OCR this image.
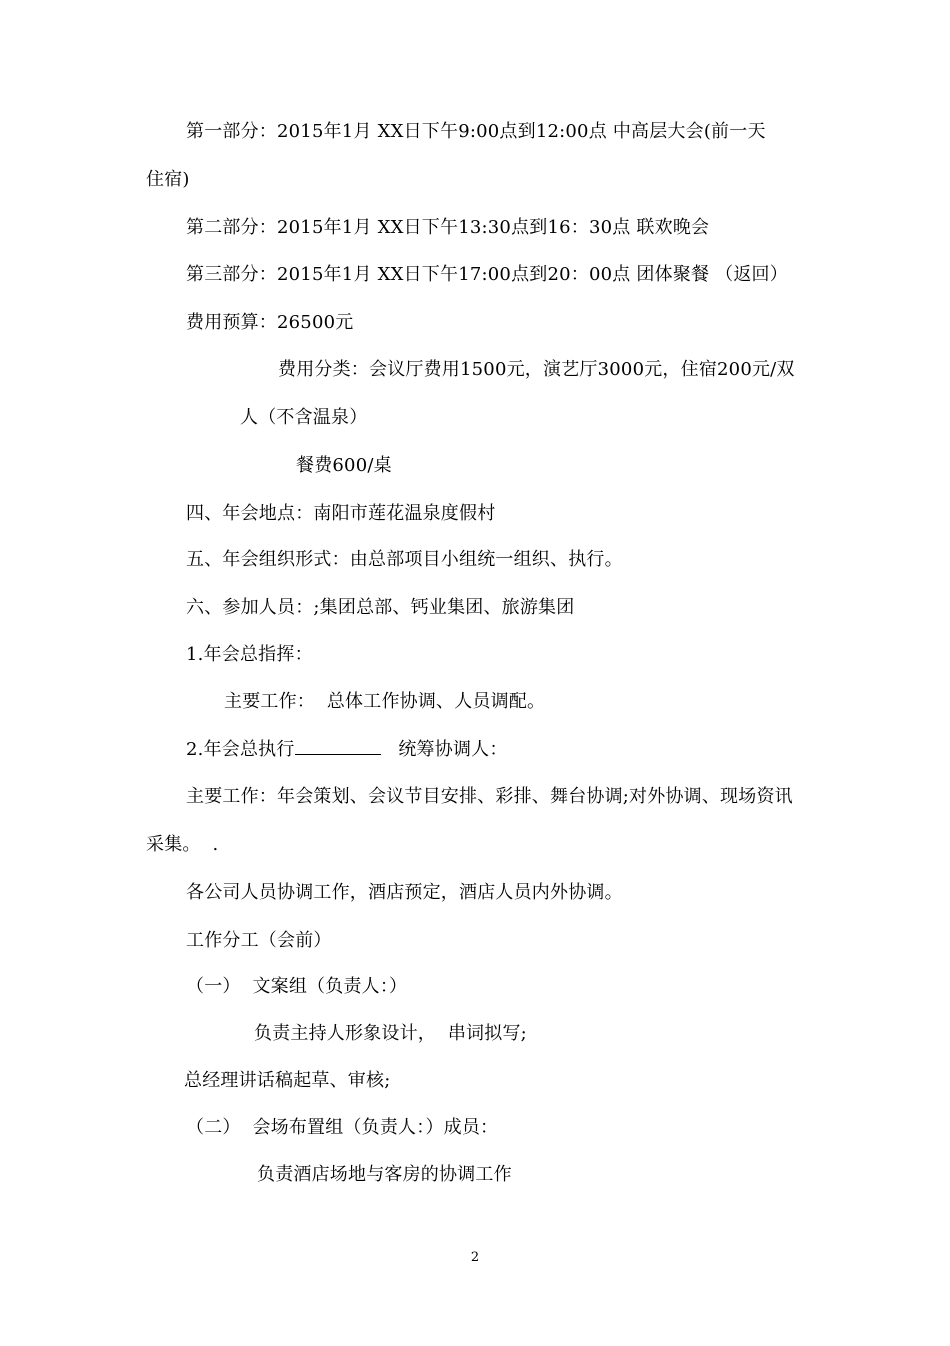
第一部分：2015年1月 XX日下午9:00点到12:00点 中高层大会(前一天
住宿)
第二部分：2015年1月 XX日下午13:30点到16：30点 联欢晚会
第三部分：2015年1月 XX日下午17:00点到20：00点 团体聚餐 （返回）
费用预算：26500元
费用分类：会议厅费用1500元，演艺厅3000元，住宿200元/双
人（不含温泉）
餐费600/桌
四、年会地点：南阳市莲花温泉度假村
五、年会组织形式：由总部项目小组统一组织、执行。
六、参加人员：;集团总部、钙业集团、旅游集团
1.年会总指挥：
主要工作：  总体工作协调、人员调配。
2.年会总执行	统筹协调人：
主要工作：年会策划、会议节目安排、彩排、舞台协调;对外协调、现场资讯
采集。  .
各公司人员协调工作，酒店预定，酒店人员内外协调。
工作分工（会前）
（一）  文案组（负责人：）
负责主持人形象设计，  串词拟写;
总经理讲话稿起草、审核;
（二）  会场布置组（负责人：）成员：
负责酒店场地与客房的协调工作
2
